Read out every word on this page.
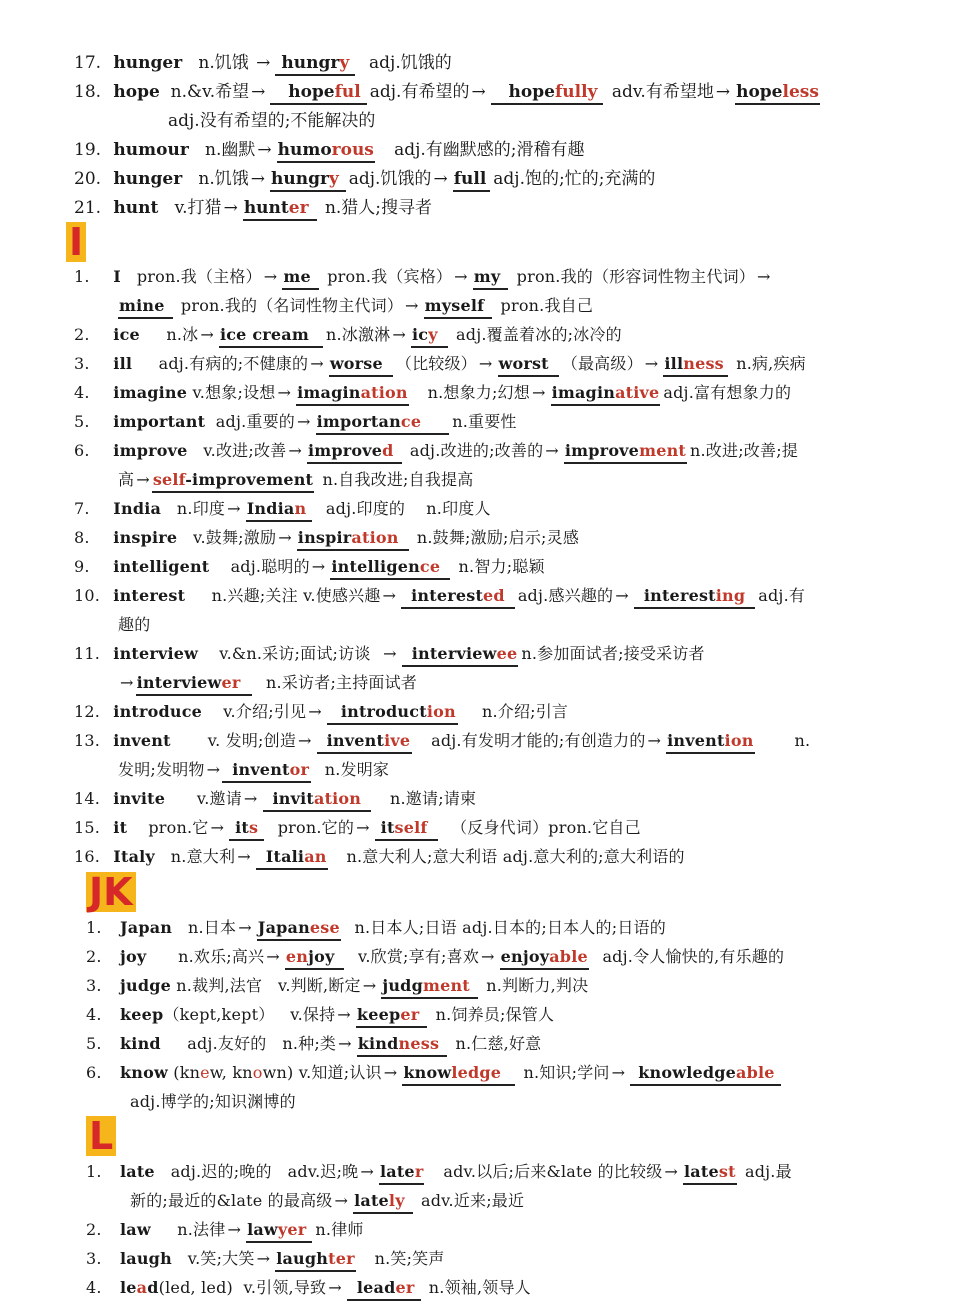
17. hunger n.饥饿 → hungry adj.饥饿的
18. hope n.&v.希望 → hopeful adj.有希望的 → hopefully adv.有希望地 → hopeless
adj.没有希望的;不能解决的
19. humour n.幽默 → humorous adj.有幽默感的;滑稽有趣
20. hunger n.饥饿 → hungry adj.饥饿的 → full adj.饱的;忙的;充满的
21. hunt v.打猎 → hunter n.猎人;搜寻者
I
1. I pron.我（主格） → me pron.我（宾格） → my pron.我的（形容词性物主代词） →
mine pron.我的（名词性物主代词） → myself pron.我自己
2. ice n.冰 → ice cream n.冰激淋 → icy adj.覆盖着冰的;冰冷的
3. ill adj.有病的;不健康的 → worse （比较级） → worst （最高级） → illness n.病,疾病
4. imagine v.想象;设想 → imagination n.想象力;幻想 → imaginative adj.富有想象力的
5. important adj.重要的 → importance n.重要性
6. improve v.改进;改善 → improved adj.改进的;改善的 → improvement n.改进;改善;提
高 → self-improvement n.自我改进;自我提高
7. India n.印度 → Indian adj.印度的 n.印度人
8. inspire v.鼓舞;激励 → inspiration n.鼓舞;激励;启示;灵感
9. intelligent adj.聪明的 → intelligence n.智力;聪颖
10. interest n.兴趣;关注 v.使感兴趣 → interested adj.感兴趣的 → interesting adj.有
趣的
11. interview v.&n.采访;面试;访谈 → interviewee n.参加面试者;接受采访者
→ interviewer n.采访者;主持面试者
12. introduce v.介绍;引见 → introduction n.介绍;引言
13. invent v. 发明;创造 → inventive adj.有发明才能的;有创造力的 → invention	n.
发明;发明物 → inventor n.发明家
14. invite v.邀请 → invitation n.邀请;请柬
15. it pron.它 → its pron.它的 → itself （反身代词）pron.它自己
16. Italy n.意大利 → Italian n.意大利人;意大利语 adj.意大利的;意大利语的
JK
1. Japan n.日本 → Japanese n.日本人;日语 adj.日本的;日本人的;日语的
2. joy n.欢乐;高兴 → enjoy v.欣赏;享有;喜欢 → enjoyable adj.令人愉快的,有乐趣的
3. judge n.裁判,法官 v.判断,断定 → judgment n.判断力,判决
4. keep（kept,kept） v.保持 → keeper n.饲养员;保管人
5. kind adj.友好的 n.种;类 → kindness n.仁慈,好意
6. know (knew, known) v.知道;认识 → knowledge n.知识;学问 → knowledgeable
adj.博学的;知识渊博的
L
1. late adj.迟的;晚的 adv.迟;晚 → later adv.以后;后来&late 的比较级 → latest adj.最
新的;最近的&late 的最高级 → lately adv.近来;最近
2. law n.法律 → lawyer n.律师
3. laugh v.笑;大笑 → laughter n.笑;笑声
4. lead(led, led) v.引领,导致 → leader n.领袖,领导人
